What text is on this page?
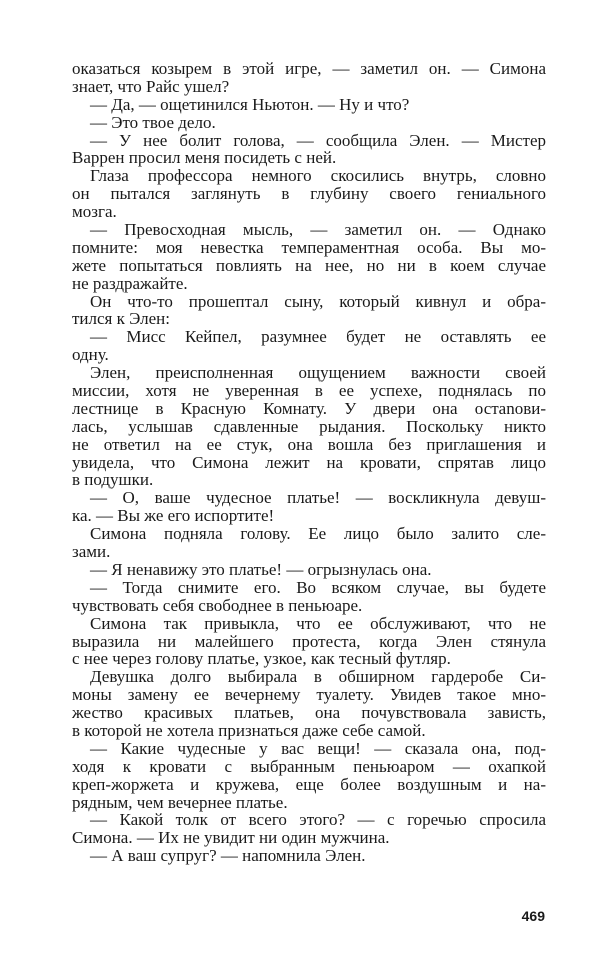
оказаться козырем в этой игре, — заметил он. — Симона
знает, что Райс ушел?
— Да, — ощетинился Ньютон. — Ну и что?
— Это твое дело.
— У нее болит голова, — сообщила Элен. — Мистер
Варрен просил меня посидеть с ней.
Глаза профессора немного скосились внутрь, словно
он пытался заглянуть в глубину своего гениального
мозга.
— Превосходная мысль, — заметил он. — Однако
помните: моя невестка темпераментная особа. Вы мо-
жете попытаться повлиять на нее, но ни в коем случае
не раздражайте.
Он что-то прошептал сыну, который кивнул и обра-
тился к Элен:
— Мисс Кейпел, разумнее будет не оставлять ее
одну.
Элен, преисполненная ощущением важности своей
миссии, хотя не уверенная в ее успехе, поднялась по
лестнице в Красную Комнату. У двери она остanови-
лась, услышав сдавленные рыдания. Поскольку никто
не ответил на ее стук, она вошла без приглашения и
увидела, что Симона лежит на кровати, спрятав лицо
в подушки.
— О, ваше чудесное платье! — воскликнула девуш-
ка. — Вы же его испортите!
Симона подняла голову. Ее лицо было залито сле-
зами.
— Я ненавижу это платье! — огрызнулась она.
— Тогда снимите его. Во всяком случае, вы будете
чувствовать себя свободнее в пеньюаре.
Симона так привыкла, что ее обслуживают, что не
выразила ни малейшего протеста, когда Элен стянула
с нее через голову платье, узкое, как тесный футляр.
Девушка долго выбирала в обширном гардеробе Си-
моны замену ее вечернему туалету. Увидев такое мно-
жество красивых платьев, она почувствовала зависть,
в которой не хотела признаться даже себе самой.
— Какие чудесные у вас вещи! — сказала она, под-
ходя к кровати с выбранным пеньюаром — охапкой
креп-жоржета и кружева, еще более воздушным и на-
рядным, чем вечернее платье.
— Какой толк от всего этого? — с горечью спросила
Симона. — Их не увидит ни один мужчина.
— А ваш супруг? — напомнила Элен.
469
